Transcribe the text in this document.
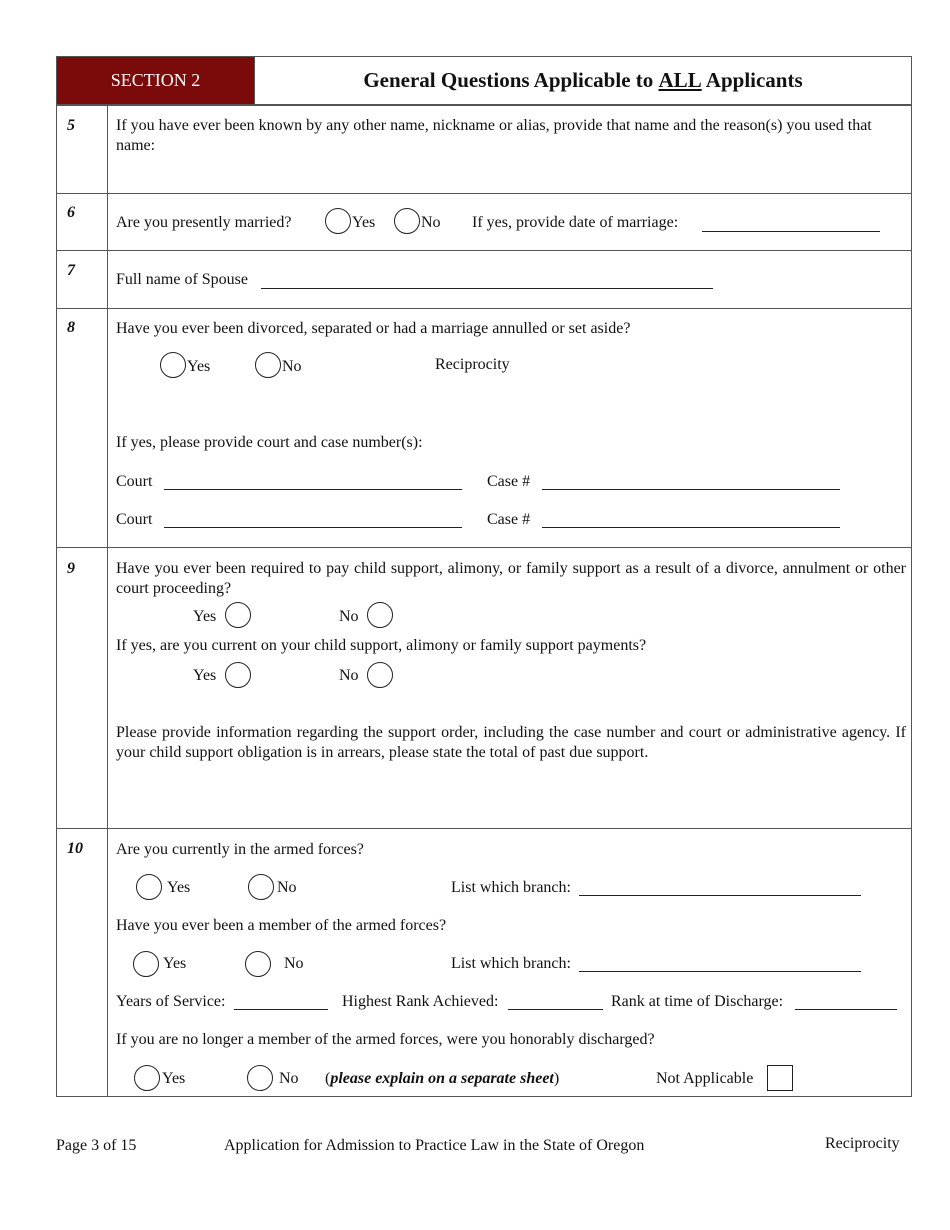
SECTION 2	General Questions Applicable to ALL Applicants
5	If you have ever been known by any other name, nickname or alias, provide that name and the reason(s) you used that name:
6
Are you presently married?	Yes	No If yes, provide date of marriage:
7
Full name of Spouse
8	Have you ever been divorced, separated or had a marriage annulled or set aside?
Yes	No	Reciprocity
If yes, please provide court and case number(s):
Court	Case #
Court	Case #
9	Have you ever been required to pay child support, alimony, or family support as a result of a divorce, annulment or other court proceeding?
Yes	No
If yes, are you current on your child support, alimony or family support payments?
Yes	No
Please provide information regarding the support order, including the case number and court or administrative agency. If your child support obligation is in arrears, please state the total of past due support.
10 Are you currently in the armed forces?
Yes	No	List which branch:
Have you ever been a member of the armed forces?
Yes	No	List which branch:
Years of Service:	Highest Rank Achieved:	Rank at time of Discharge:
If you are no longer a member of the armed forces, were you honorably discharged?
Yes	No (please explain on a separate sheet)	Not Applicable
Page 3 of 15	Application for Admission to Practice Law in the State of Oregon	Reciprocity
